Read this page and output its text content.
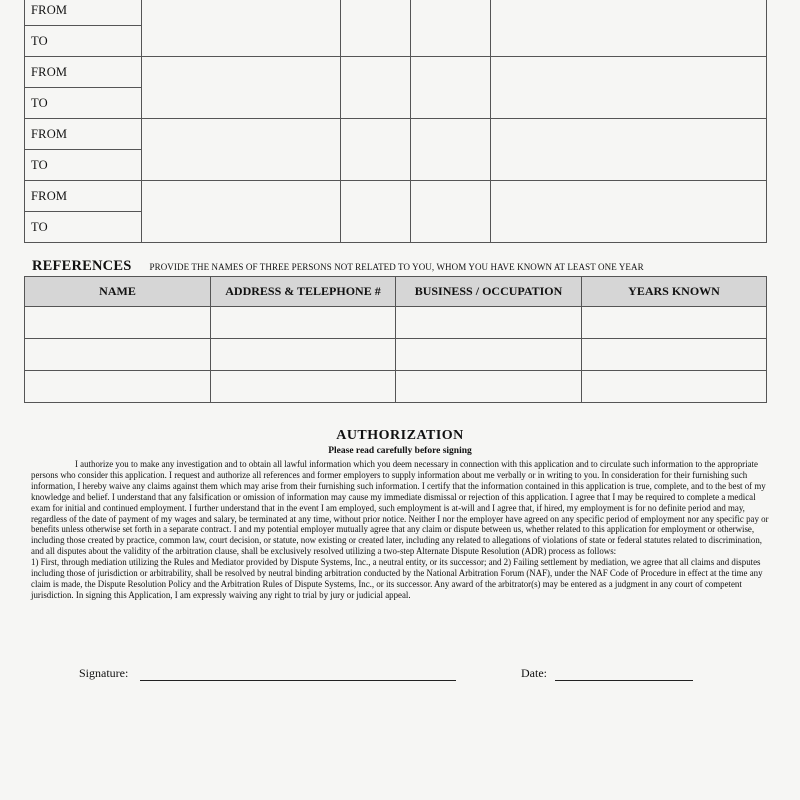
FROM				
TO				
FROM				
TO				
FROM				
TO				
FROM				
TO				
REFERENCES PROVIDE THE NAMES OF THREE PERSONS NOT RELATED TO YOU, WHOM YOU HAVE KNOWN AT LEAST ONE YEAR
NAME	ADDRESS & TELEPHONE #	BUSINESS / OCCUPATION	YEARS KNOWN

AUTHORIZATION
Please read carefully before signing

I authorize you to make any investigation and to obtain all lawful information which you deem necessary in connection with this application and to circulate such information to the appropriate persons who consider this application. I request and authorize all references and former employers to supply information about me verbally or in writing to you. In consideration for their furnishing such information, I hereby waive any claims against them which may arise from their furnishing such information. I certify that the information contained in this application is true, complete, and to the best of my knowledge and belief. I understand that any falsification or omission of information may cause my immediate dismissal or rejection of this application. I agree that I may be required to complete a medical exam for initial and continued employment. I further understand that in the event I am employed, such employment is at-will and I agree that, if hired, my employment is for no definite period and may, regardless of the date of payment of my wages and salary, be terminated at any time, without prior notice. Neither I nor the employer have agreed on any specific period of employment nor any specific pay or benefits unless otherwise set forth in a separate contract. I and my potential employer mutually agree that any claim or dispute between us, whether related to this application for employment or otherwise, including those created by practice, common law, court decision, or statute, now existing or created later, including any related to allegations of violations of state or federal statutes related to discrimination, and all disputes about the validity of the arbitration clause, shall be exclusively resolved utilizing a two-step Alternate Dispute Resolution (ADR) process as follows:

1) First, through mediation utilizing the Rules and Mediator provided by Dispute Systems, Inc., a neutral entity, or its successor; and 2) Failing settlement by mediation, we agree that all claims and disputes including those of jurisdiction or arbitrability, shall be resolved by neutral binding arbitration conducted by the National Arbitration Forum (NAF), under the NAF Code of Procedure in effect at the time any claim is made, the Dispute Resolution Policy and the Arbitration Rules of Dispute Systems, Inc., or its successor. Any award of the arbitrator(s) may be entered as a judgment in any court of competent jurisdiction. In signing this Application, I am expressly waiving any right to trial by jury or judicial appeal.

Signature:	Date:
